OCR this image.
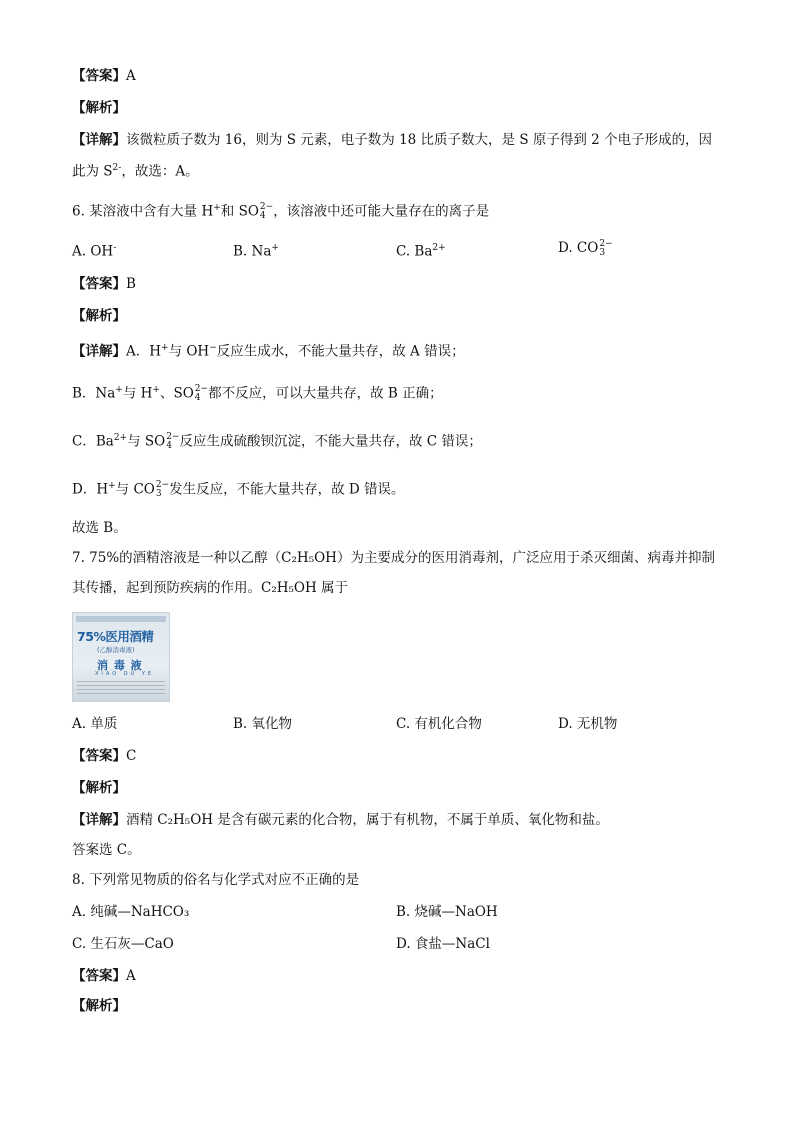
【答案】A
【解析】
【详解】该微粒质子数为 16，则为 S 元素，电子数为 18 比质子数大，是 S 原子得到 2 个电子形成的，因
此为 $S^{2-}$，故选：A。
6. 某溶液中含有大量 H+和 SO 2−
4 ，该溶液中还可能大量存在的离子是
A. OH-	B. Na+	C. $Ba^{2+}$	D. CO 2−
3
【答案】B
【解析】
【详解】A．H+与 OH−反应生成水，不能大量共存，故 A 错误；
B．Na+与 H+、SO 2−
4 都不反应，可以大量共存，故 B 正确；
C．$Ba^{2+}$与 SO 2−
4 反应生成硫酸钡沉淀，不能大量共存，故 C 错误；
D．H+与 CO 2−
3 发生反应，不能大量共存，故 D 错误。
故选 B。
7. 75%的酒精溶液是一种以乙醇（C₂H₅OH）为主要成分的医用消毒剂，广泛应用于杀灭细菌、病毒并抑制
其传播，起到预防疾病的作用。C₂H₅OH 属于
75%医用酒精
(乙醇消毒液)
消 毒 液
XIAO DU YE
A. 单质	B. 氧化物	C. 有机化合物	D. 无机物
【答案】C
【解析】
【详解】酒精 C₂H₅OH 是含有碳元素的化合物，属于有机物，不属于单质、氧化物和盐。
答案选 C。
8. 下列常见物质的俗名与化学式对应不正确的是
A. 纯碱—NaHCO₃	B. 烧碱—NaOH
C. 生石灰—CaO	D. 食盐—NaCl
【答案】A
【解析】
